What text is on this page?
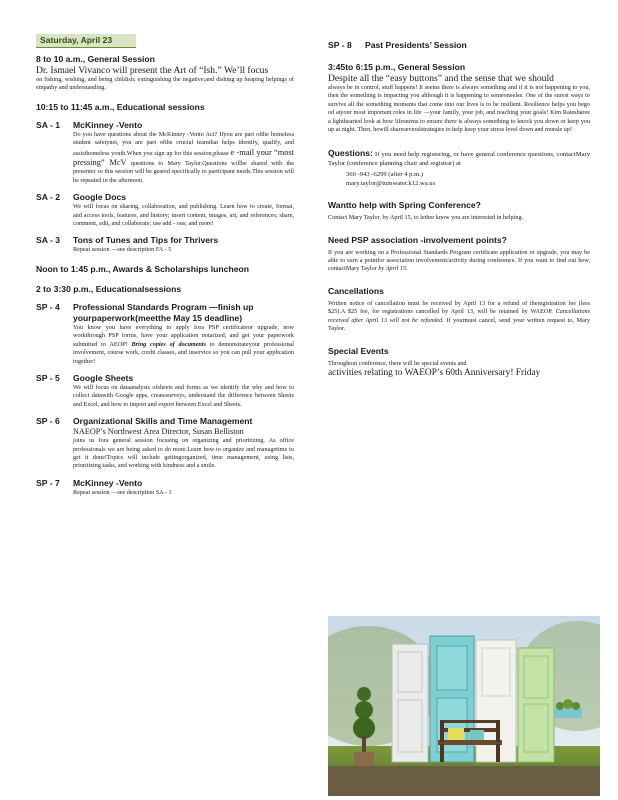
Saturday, April 23

8 to 10 a.m., General Session

Dr. Ismael Vivanco will present the Art of “Ish.” We’ll focus

on fishing, wishing, and being childish; extinguishing the negative;and dishing up heaping helpings of empathy and understanding.

10:15 to 11:45 a.m., Educational sessions

SA - 1	McKinney -Vento

Do you have questions about the McKinney -Vento Act? Ifyou are part ofthe homeless student safetynet, you are part ofthe crucial teamthat helps identify, qualify, and assisthomeless youth.When you sign up for this session,please e -mail your “most pressing” McV questions to Mary Taylor.Questions willbe shared with the presenter so this session will be geared specifically to participant needs.This session will be repeated in the afternoon.

SA - 2	Google Docs

We will focus on sharing, collaboration, and publishing. Learn how to create, format, and access tools, features, and history; insert content, images, art, and references; share, comment, edit, and collaborate; use add - ons; and more!

SA - 3	Tons of Tunes and Tips for Thrivers

Repeat session —see description FA - 5

Noon to 1:45 p.m., Awards & Scholarships luncheon

2 to 3:30 p.m., Educationalsessions

SP - 4	Professional Standards Program —finish up yourpaperwork(meetthe May 15 deadline)

You know you have everything to apply fora PSP certificateor upgrade, now workthrough PSP forms, have your application notarized, and get your paperwork submitted to AEOP! Bring copies of documents to demonstrateyour professional involvement, course work, credit classes, and inservice so you can pull your application together!

SP - 5	Google Sheets

We will focus on dataanalysis ofsheets and forms as we identify the why and how to collect datawith Google apps, createsurveys, understand the difference between Sheets and Excel, and how to import and export between Excel and Sheets.

SP - 6	Organizational Skills and Time Management

NAEOP’s Northwest Area Director, Susan Belliston

joins us fora general session focusing on organizing and prioritizing. As office professionals we are being asked to do more.Learn how to organize and managetime to get it done!Topics will include gettingorganized, time management, using lists, prioritizing tasks, and working with kindness and a smile.

SP - 7	McKinney -Vento

Repeat session —see description SA - 1

SP - 8	Past Presidents’ Session

3:45to 6:15 p.m., General Session

Despite all the “easy buttons” and the sense that we should

always be in control, stuff happens! It seems there is always something and if it is not happening to you, then the something is impacting you although it is happening to someoneelse. One of the surest ways to survive all the something moments that come into our lives is to be resilient. Resilience helps you bego od atyour most important roles in life —your family, your job, and reaching your goals! Kim Ratesharee a lighthearted look at how lifeseems to ensure there is always something to knock you down or keep you up at night. Then, hewill shareseveralstrategies to help keep your stress level down and morale up!

Questions: If you need help registering, or have general conference questions, contactMary Taylor (conference planning chair and registrar) at

360 -943 -6299 (after 4 p.m.)

mary.taylor@tumwater.k12.wa.us

Wantto help with Spring Conference?

Contact Mary Taylor, by April 15, to lether know you are interested in helping.

Need PSP association -involvement points?

If you are working on a Professional Standards Program certificate application or upgrade, you may be able to earn a pointfor association involvement/activity during conference. If you want to find out how, contactMary Taylor by April 15.

Cancellations

Written notice of cancellation must be received by April 13 for a refund of theregistration fee (less $25).A $25 fee, for registrations cancelled by April 13, will be retained by WAEOP. Cancellations received after April 13 will not be refunded. If yourmust cancel, send your written request to, Mary Taylor.

Special Events

Throughout conference, there will be special events and

activities relating to WAEOP’s 60th Anniversary! Friday
